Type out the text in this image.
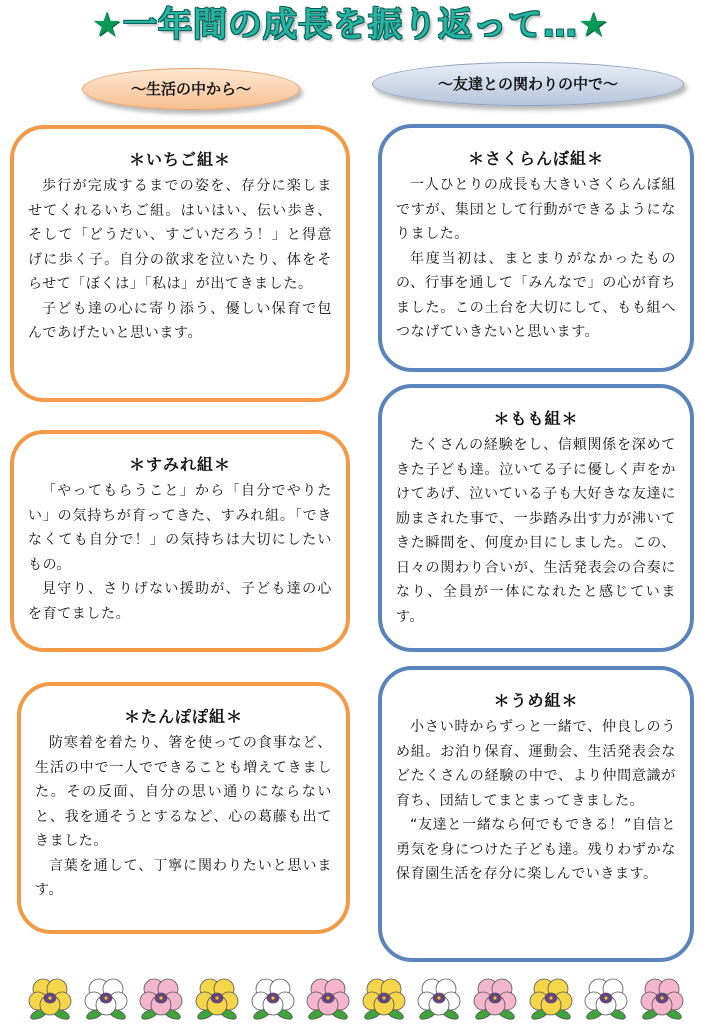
★一年間の成長を振り返って…★
～生活の中から～	～友達との関わりの中で～
＊いちご組＊

歩行が完成するまでの姿を、存分に楽しませてくれるいちご組。はいはい、伝い歩き、そして「どうだい、すごいだろう！」と得意げに歩く子。自分の欲求を泣いたり、体をそらせて「ぼくは」「私は」が出てきました。

子ども達の心に寄り添う、優しい保育で包んであげたいと思います。

＊すみれ組＊

「やってもらうこと」から「自分でやりたい」の気持ちが育ってきた、すみれ組。「できなくても自分で！」の気持ちは大切にしたいもの。

見守り、さりげない援助が、子ども達の心を育てました。

＊たんぽぽ組＊

防寒着を着たり、箸を使っての食事など、生活の中で一人でできることも増えてきました。その反面、自分の思い通りにならないと、我を通そうとするなど、心の葛藤も出てきました。

言葉を通して、丁寧に関わりたいと思います。

＊さくらんぼ組＊

一人ひとりの成長も大きいさくらんぼ組ですが、集団として行動ができるようになりました。

年度当初は、まとまりがなかったものの、行事を通して「みんなで」の心が育ちました。この土台を大切にして、もも組へつなげていきたいと思います。

＊もも組＊

たくさんの経験をし、信頼関係を深めてきた子ども達。泣いてる子に優しく声をかけてあげ、泣いている子も大好きな友達に励まされた事で、一歩踏み出す力が沸いてきた瞬間を、何度か目にしました。この、日々の関わり合いが、生活発表会の合奏になり、全員が一体になれたと感じています。

＊うめ組＊

小さい時からずっと一緒で、仲良しのうめ組。お泊り保育、運動会、生活発表会などたくさんの経験の中で、より仲間意識が育ち、団結してまとまってきました。

“友達と一緒なら何でもできる！”自信と勇気を身につけた子ども達。残りわずかな保育園生活を存分に楽しんでいきます。
